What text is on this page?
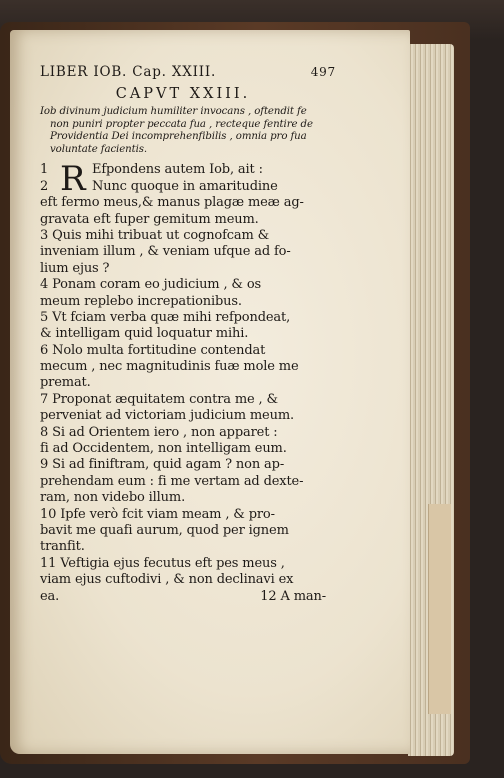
LIBER IOB. Cap. XXIII.	497
CAPVT XXIII.
Iob divinum judicium humiliter invocans , oftendit fe
non puniri propter peccata fua , recteque fentire de
Providentia Dei incomprehenfibilis , omnia pro fua
voluntate facientis.
R
1	Efpondens autem Iob, ait :
2	Nunc quoque in amaritudine
eft fermo meus,& manus plagæ meæ ag-
gravata eft fuper gemitum meum.
3 Quis mihi tribuat ut cognofcam &
inveniam illum , & veniam ufque ad fo-
lium ejus ?
4 Ponam coram eo judicium , & os
meum replebo increpationibus.
5 Vt fciam verba quæ mihi refpondeat,
& intelligam quid loquatur mihi.
6 Nolo multa fortitudine contendat
mecum , nec magnitudinis fuæ mole me
premat.
7 Proponat æquitatem contra me , &
perveniat ad victoriam judicium meum.
8 Si ad Orientem iero , non apparet :
fi ad Occidentem, non intelligam eum.
9 Si ad finiftram, quid agam ? non ap-
prehendam eum : fi me vertam ad dexte-
ram, non videbo illum.
10 Ipfe verò fcit viam meam , & pro-
bavit me quafi aurum, quod per ignem
tranfit.
11 Veftigia ejus fecutus eft pes meus ,
viam ejus cuftodivi , & non declinavi ex
ea.	12 A man-
